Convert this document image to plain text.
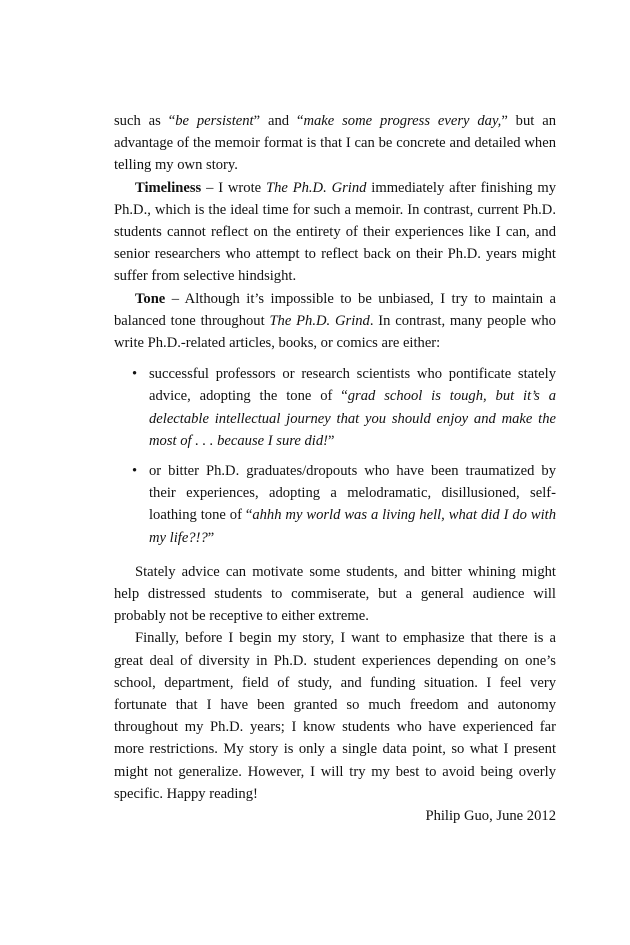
such as “be persistent” and “make some progress every day,” but an advantage of the memoir format is that I can be concrete and detailed when telling my own story.

Timeliness – I wrote The Ph.D. Grind immediately after finishing my Ph.D., which is the ideal time for such a memoir. In contrast, current Ph.D. students cannot reflect on the entirety of their experiences like I can, and senior researchers who attempt to reflect back on their Ph.D. years might suffer from selective hindsight.

Tone – Although it’s impossible to be unbiased, I try to maintain a balanced tone throughout The Ph.D. Grind. In contrast, many people who write Ph.D.-related articles, books, or comics are either:

• successful professors or research scientists who pontificate stately advice, adopting the tone of “grad school is tough, but it’s a delectable intellectual journey that you should enjoy and make the most of . . . because I sure did!”
• or bitter Ph.D. graduates/dropouts who have been traumatized by their experiences, adopting a melodramatic, disillusioned, self-loathing tone of “ahhh my world was a living hell, what did I do with my life?!?”

Stately advice can motivate some students, and bitter whining might help distressed students to commiserate, but a general audience will probably not be receptive to either extreme.

Finally, before I begin my story, I want to emphasize that there is a great deal of diversity in Ph.D. student experiences depending on one’s school, department, field of study, and funding situation. I feel very fortunate that I have been granted so much freedom and autonomy throughout my Ph.D. years; I know students who have experienced far more restrictions. My story is only a single data point, so what I present might not generalize. However, I will try my best to avoid being overly specific. Happy reading!

Philip Guo, June 2012
